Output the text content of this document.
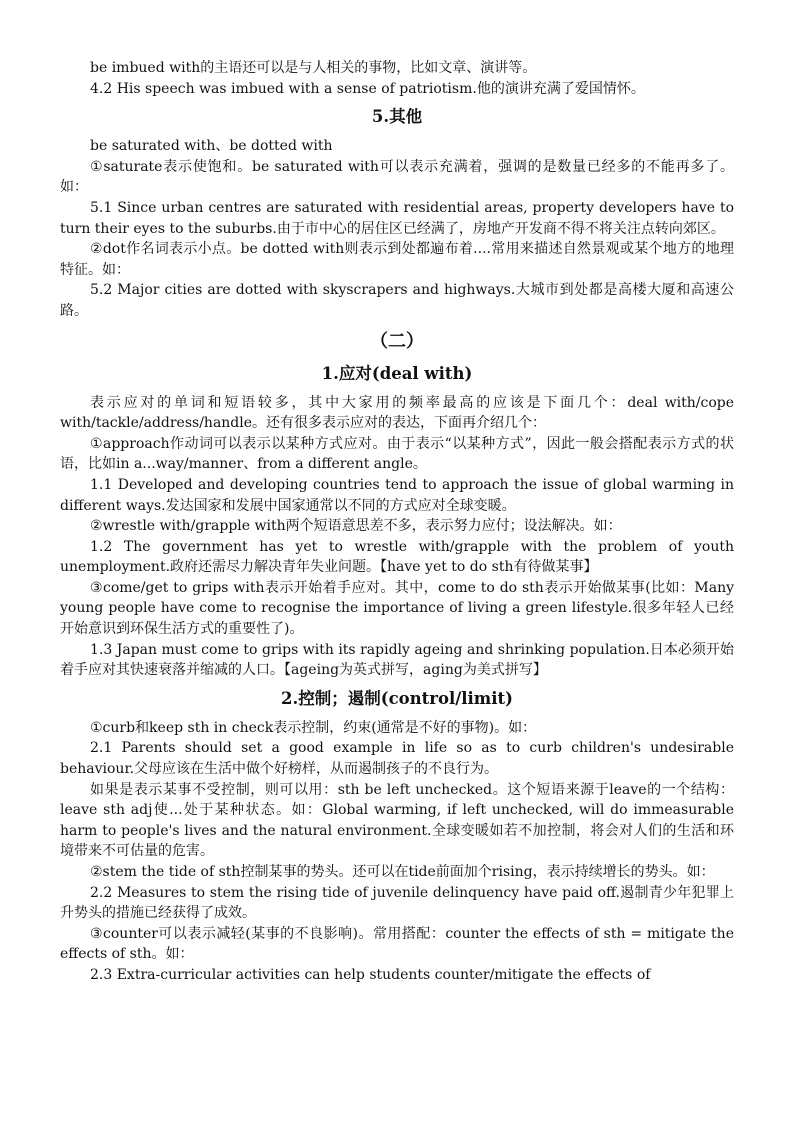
be imbued with的主语还可以是与人相关的事物，比如文章、演讲等。

4.2 His speech was imbued with a sense of patriotism.他的演讲充满了爱国情怀。

5.其他

be saturated with、be dotted with

①saturate表示使饱和。be saturated with可以表示充满着，强调的是数量已经多的不能再多了。如：

5.1 Since urban centres are saturated with residential areas, property developers have to turn their eyes to the suburbs.由于市中心的居住区已经满了，房地产开发商不得不将关注点转向郊区。

②dot作名词表示小点。be dotted with则表示到处都遍布着....常用来描述自然景观或某个地方的地理特征。如：

5.2 Major cities are dotted with skyscrapers and highways.大城市到处都是高楼大厦和高速公路。

（二）

1.应对(deal with)

表示应对的单词和短语较多，其中大家用的频率最高的应该是下面几个：deal with/cope with/tackle/address/handle。还有很多表示应对的表达，下面再介绍几个：

①approach作动词可以表示以某种方式应对。由于表示“以某种方式”，因此一般会搭配表示方式的状语，比如in a...way/manner、from a different angle。

1.1 Developed and developing countries tend to approach the issue of global warming in different ways.发达国家和发展中国家通常以不同的方式应对全球变暖。

②wrestle with/grapple with两个短语意思差不多，表示努力应付；设法解决。如：

1.2 The government has yet to wrestle with/grapple with the problem of youth unemployment.政府还需尽力解决青年失业问题。【have yet to do sth有待做某事】

③come/get to grips with表示开始着手应对。其中，come to do sth表示开始做某事(比如：Many young people have come to recognise the importance of living a green lifestyle.很多年轻人已经开始意识到环保生活方式的重要性了)。

1.3 Japan must come to grips with its rapidly ageing and shrinking population.日本必须开始着手应对其快速衰落并缩减的人口。【ageing为英式拼写，aging为美式拼写】

2.控制；遏制(control/limit)

①curb和keep sth in check表示控制，约束(通常是不好的事物)。如：

2.1 Parents should set a good example in life so as to curb children's undesirable behaviour.父母应该在生活中做个好榜样，从而遏制孩子的不良行为。

如果是表示某事不受控制，则可以用：sth be left unchecked。这个短语来源于leave的一个结构：leave sth adj使...处于某种状态。如：Global warming, if left unchecked, will do immeasurable harm to people's lives and the natural environment.全球变暖如若不加控制，将会对人们的生活和环境带来不可估量的危害。

②stem the tide of sth控制某事的势头。还可以在tide前面加个rising，表示持续增长的势头。如：

2.2 Measures to stem the rising tide of juvenile delinquency have paid off.遏制青少年犯罪上升势头的措施已经获得了成效。

③counter可以表示减轻(某事的不良影响)。常用搭配：counter the effects of sth = mitigate the effects of sth。如：

2.3 Extra-curricular activities can help students counter/mitigate the effects of
